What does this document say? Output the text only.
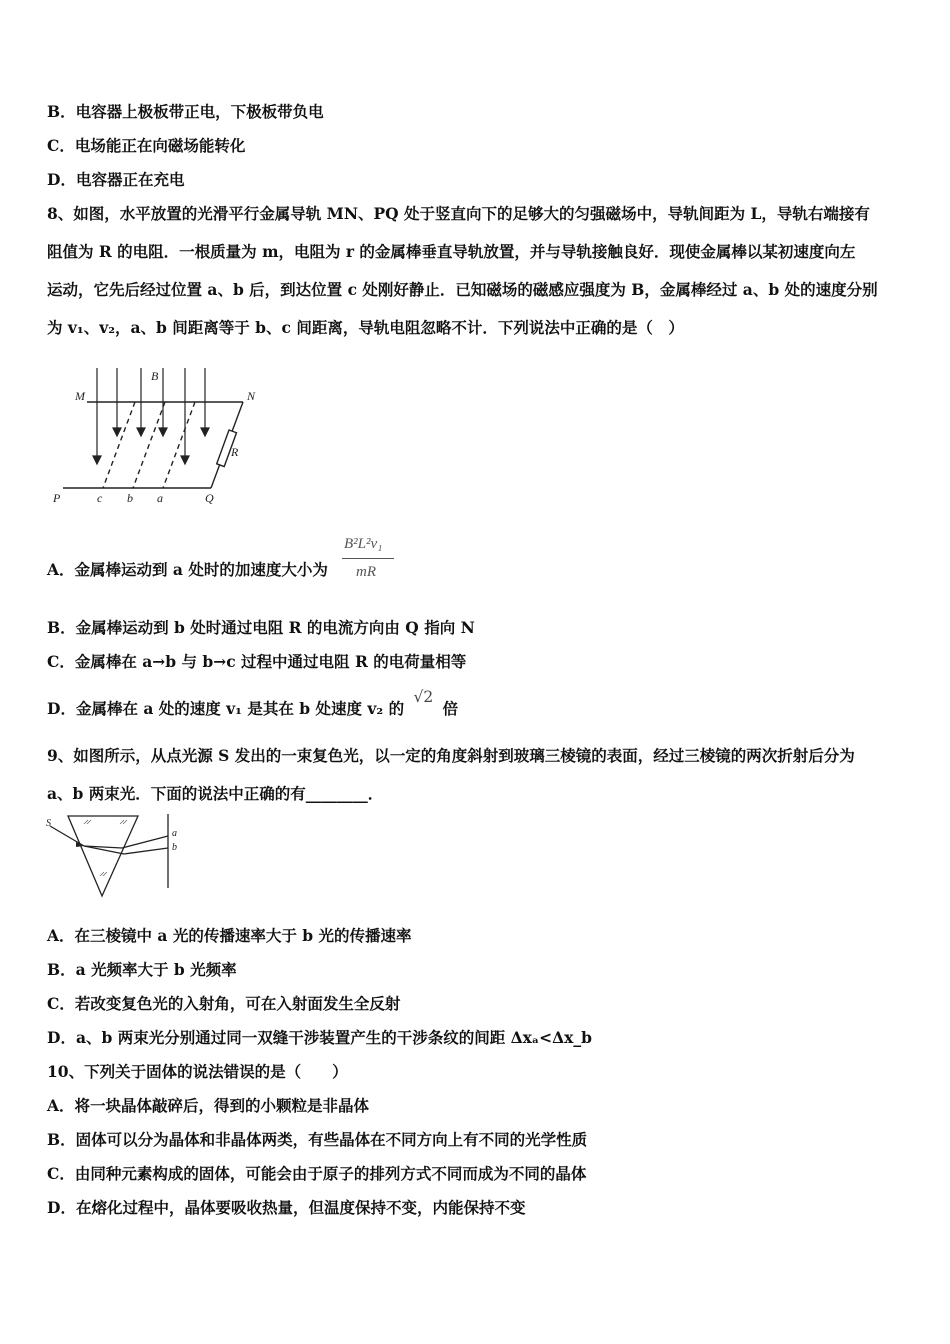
B．电容器上极板带正电，下极板带负电
C．电场能正在向磁场能转化
D．电容器正在充电
8、如图，水平放置的光滑平行金属导轨 MN、PQ 处于竖直向下的足够大的匀强磁场中，导轨间距为 L，导轨右端接有
阻值为 R 的电阻．一根质量为 m，电阻为 r 的金属棒垂直导轨放置，并与导轨接触良好．现使金属棒以某初速度向左
运动，它先后经过位置 a、b 后，到达位置 c 处刚好静止．已知磁场的磁感应强度为 B，金属棒经过 a、b 处的速度分别
为 v₁、v₂，a、b 间距离等于 b、c 间距离，导轨电阻忽略不计．下列说法中正确的是（　）
M	N
B
R
P	c b a	Q
A．金属棒运动到 a 处时的加速度大小为
B²L²v₁
mR
B．金属棒运动到 b 处时通过电阻 R 的电流方向由 Q 指向 N
C．金属棒在 a→b 与 b→c 过程中通过电阻 R 的电荷量相等
D．金属棒在 a 处的速度 v₁ 是其在 b 处速度 v₂ 的 √2 倍
9、如图所示，从点光源 S 发出的一束复色光，以一定的角度斜射到玻璃三棱镜的表面，经过三棱镜的两次折射后分为
a、b 两束光．下面的说法中正确的有________．
S
a
b
A．在三棱镜中 a 光的传播速率大于 b 光的传播速率
B．a 光频率大于 b 光频率
C．若改变复色光的入射角，可在入射面发生全反射
D．a、b 两束光分别通过同一双缝干涉装置产生的干涉条纹的间距 Δxₐ<Δx_b
10、下列关于固体的说法错误的是（　　）
A．将一块晶体敲碎后，得到的小颗粒是非晶体
B．固体可以分为晶体和非晶体两类，有些晶体在不同方向上有不同的光学性质
C．由同种元素构成的固体，可能会由于原子的排列方式不同而成为不同的晶体
D．在熔化过程中，晶体要吸收热量，但温度保持不变，内能保持不变
